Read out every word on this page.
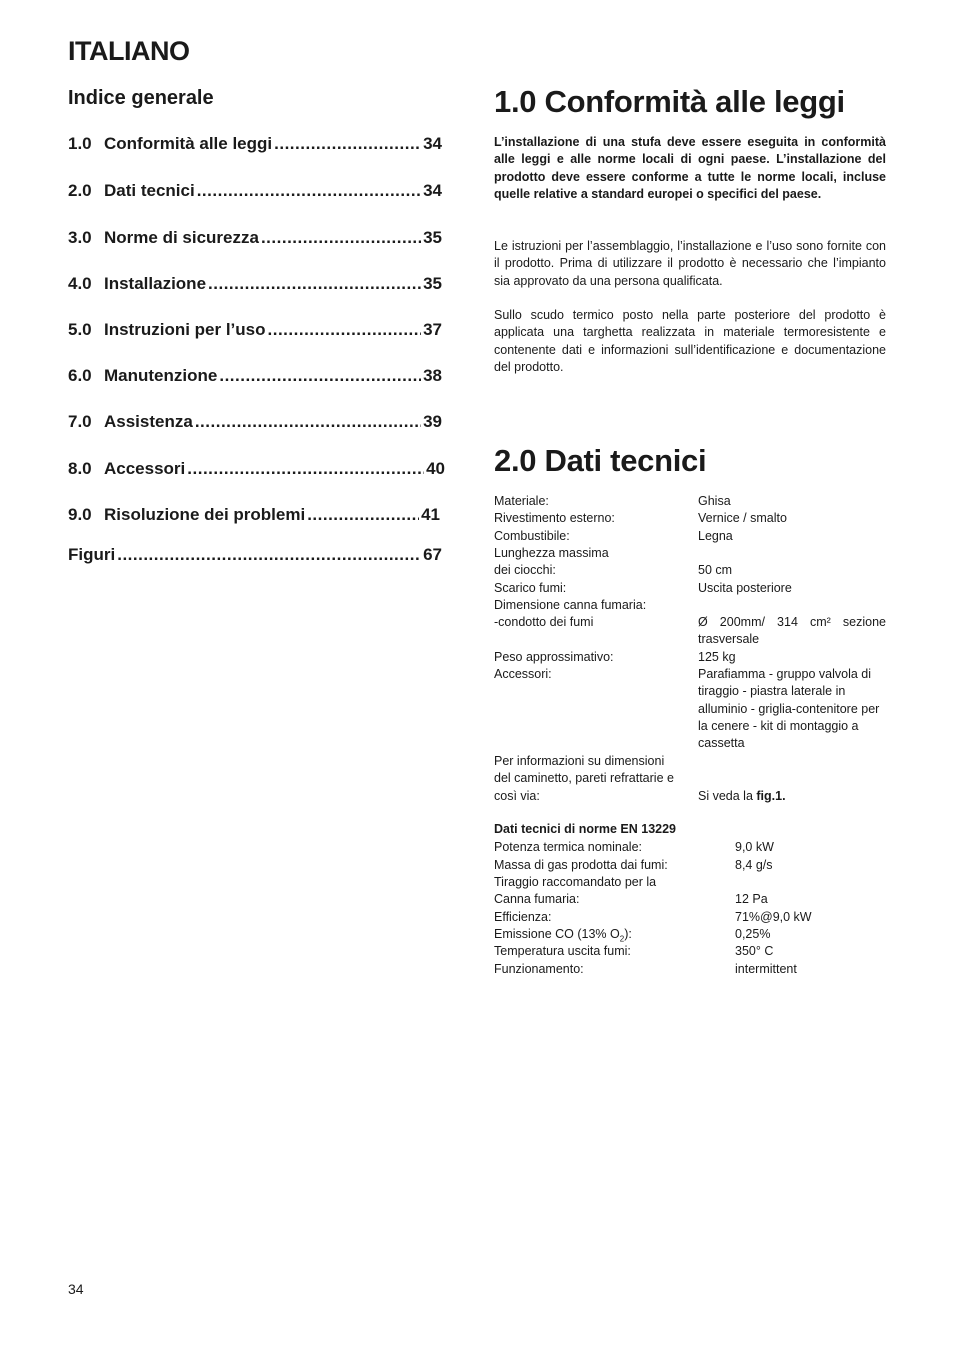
ITALIANO
Indice generale
1.0 Conformità alle leggi .....	34
2.0 Dati tecnici .....	34
3.0 Norme di sicurezza .....	35
4.0 Installazione .....	35
5.0 Instruzioni per l’uso .....	37
6.0 Manutenzione .....	38
7.0 Assistenza .....	39
8.0 Accessori .....	40
9.0 Risoluzione dei problemi .....	41
Figuri .....	67
1.0 Conformità alle leggi
L’installazione di una stufa deve essere eseguita in conformità alle leggi e alle norme locali di ogni paese. L’installazione del prodotto deve essere conforme a tutte le norme locali, incluse quelle relative a standard europei o specifici del paese.
Le istruzioni per l’assemblaggio, l’installazione e l’uso sono fornite con il prodotto. Prima di utilizzare il prodotto è necessario che l’impianto sia approvato da una persona qualificata.
Sullo scudo termico posto nella parte posteriore del prodotto è applicata una targhetta realizzata in materiale termoresistente e contenente dati e informazioni sull’identificazione e documentazione del prodotto.
2.0 Dati tecnici
Materiale:	Ghisa
Rivestimento esterno:	Vernice / smalto
Combustibile:	Legna
Lunghezza massima
dei ciocchi:	50 cm
Scarico fumi:	Uscita posteriore
Dimensione canna fumaria:
-condotto dei fumi	Ø 200mm/ 314 cm² sezione trasversale
Peso approssimativo:	125 kg
Accessori:	Parafiamma - gruppo valvola di tiraggio - piastra laterale in alluminio - griglia-contenitore per la cenere - kit di montaggio a cassetta
Per informazioni su dimensioni del caminetto, pareti refrattarie e così via:	Si veda la fig.1.
Dati tecnici di norme EN 13229
Potenza termica nominale:	9,0 kW
Massa di gas prodotta dai fumi:	8,4 g/s
Tiraggio raccomandato per la
Canna fumaria:	12 Pa
Efficienza:	71%@9,0 kW
Emissione CO (13% $O_2$):	0,25%
Temperatura uscita fumi:	350° C
Funzionamento:	intermittent
34
